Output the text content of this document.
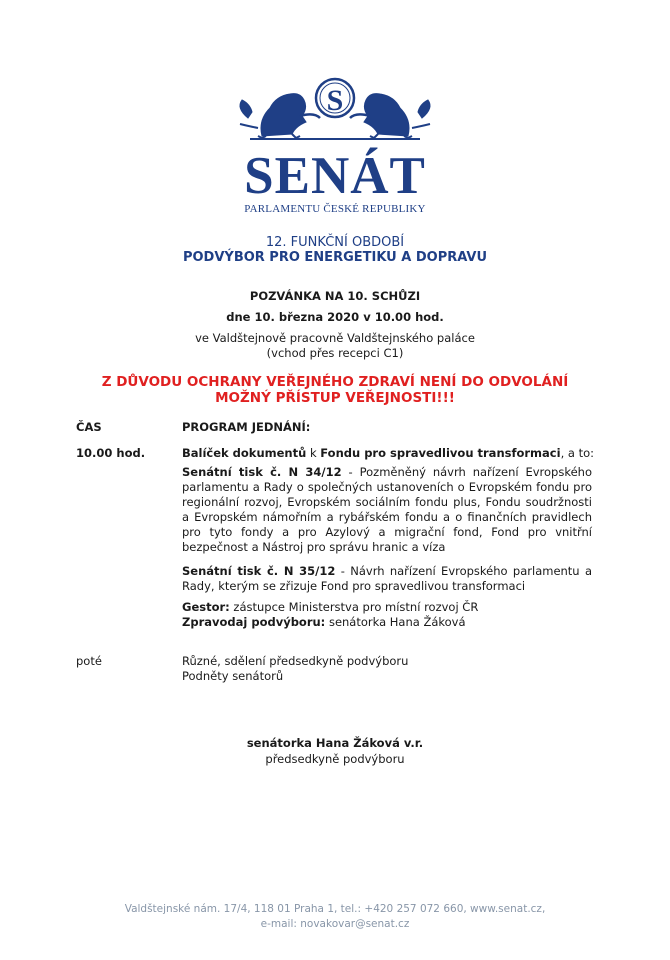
S
SENÁT
PARLAMENTU ČESKÉ REPUBLIKY
12. FUNKČNÍ OBDOBÍ
PODVÝBOR PRO ENERGETIKU A DOPRAVU
POZVÁNKA NA 10. SCHŮZI
dne 10. března 2020 v 10.00 hod.
ve Valdštejnově pracovně Valdštejnského paláce
(vchod přes recepci C1)
Z DŮVODU OCHRANY VEŘEJNÉHO ZDRAVÍ NENÍ DO ODVOLÁNÍ
MOŽNÝ PŘÍSTUP VEŘEJNOSTI!!!
ČAS	PROGRAM JEDNÁNÍ:
10.00 hod.	Balíček dokumentů k Fondu pro spravedlivou transformaci, a to:
Senátní tisk č. N 34/12 - Pozměněný návrh nařízení Evropského parlamentu a Rady o společných ustanoveních o Evropském fondu pro regionální rozvoj, Evropském sociálním fondu plus, Fondu soudržnosti a Evropském námořním a rybářském fondu a o finančních pravidlech pro tyto fondy a pro Azylový a migrační fond, Fond pro vnitřní bezpečnost a Nástroj pro správu hranic a víza
Senátní tisk č. N 35/12 - Návrh nařízení Evropského parlamentu a Rady, kterým se zřizuje Fond pro spravedlivou transformaci
Gestor: zástupce Ministerstva pro místní rozvoj ČR
Zpravodaj podvýboru: senátorka Hana Žáková
poté	Různé, sdělení předsedkyně podvýboru
Podněty senátorů
senátorka Hana Žáková v.r.
předsedkyně podvýboru
Valdštejnské nám. 17/4, 118 01 Praha 1, tel.: +420 257 072 660, www.senat.cz,
e-mail: novakovar@senat.cz
